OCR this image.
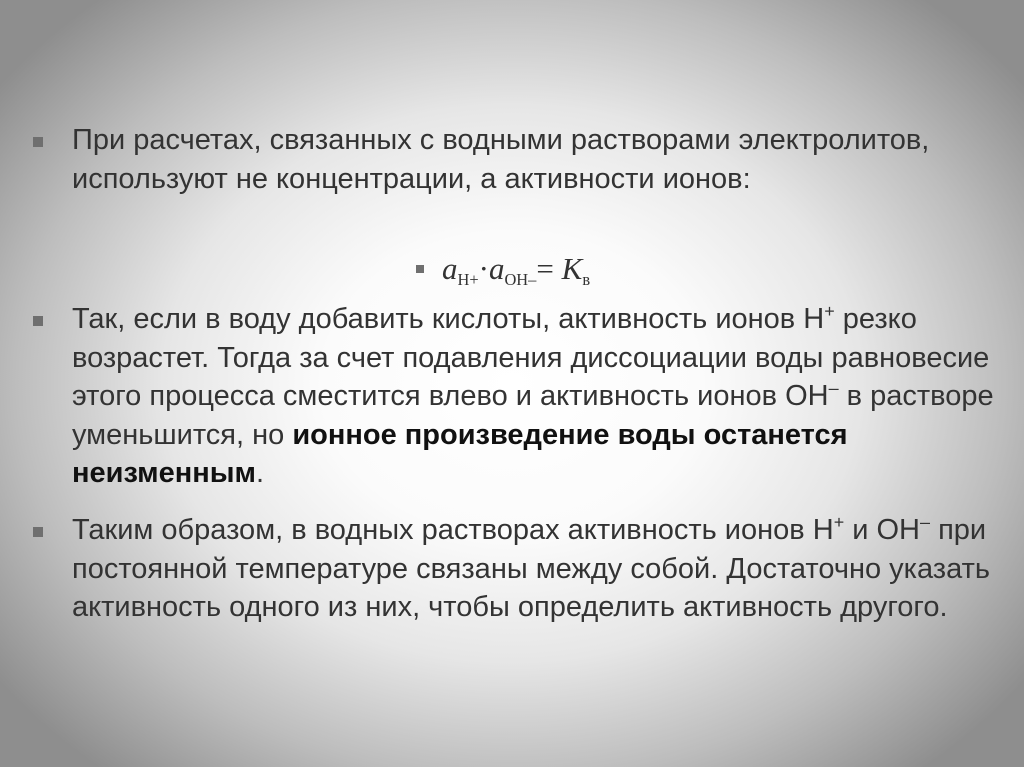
При расчетах, связанных с водными растворами электролитов, используют не концентрации, а активности ионов:

$a_{Н+}\cdot a_{ОН-}= K_в$

Так, если в воду добавить кислоты, активность ионов Н+ резко возрастет. Тогда за счет подавления диссоциации воды равновесие этого процесса сместится влево и активность ионов ОН– в растворе уменьшится, но ионное произведение воды останется неизменным.

Таким образом, в водных растворах активность ионов Н+ и ОН– при постоянной температуре связаны между собой. Достаточно указать активность одного из них, чтобы определить активность другого.
